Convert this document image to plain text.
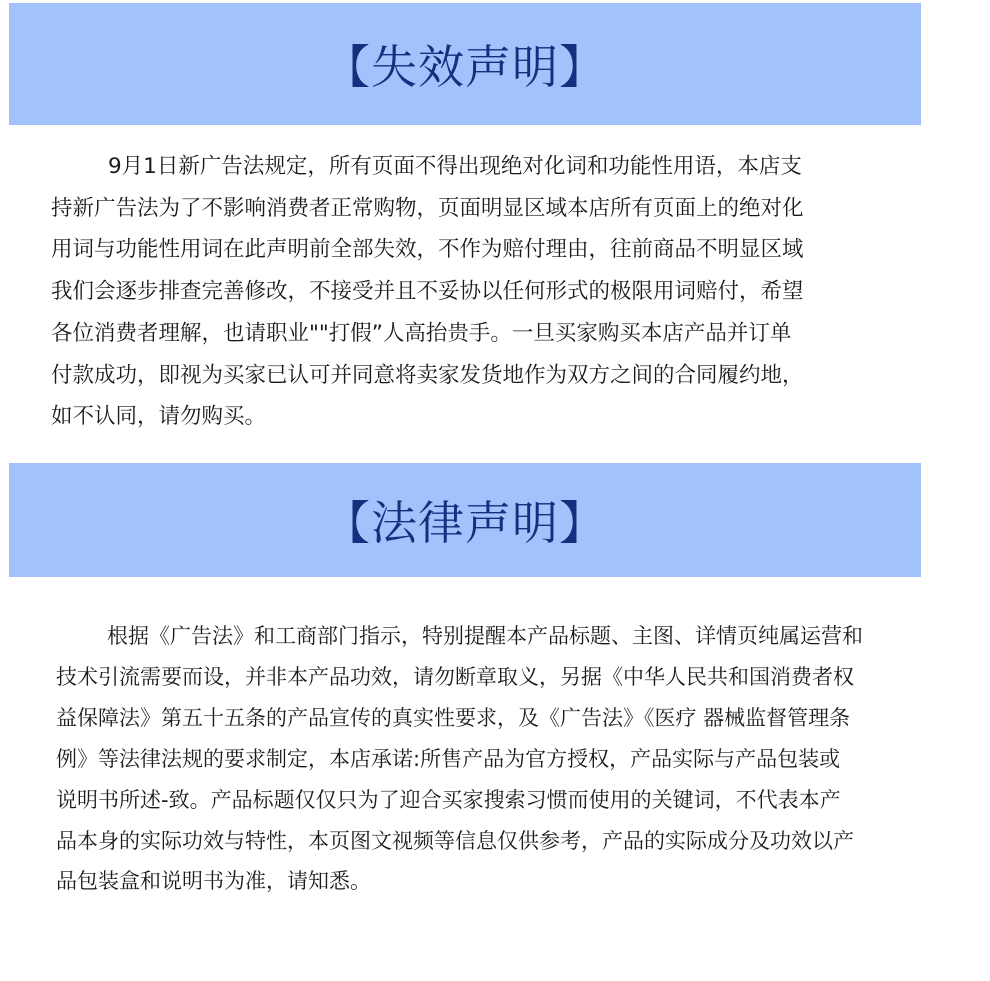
【失效声明】
9月1日新广告法规定，所有页面不得出现绝对化词和功能性用语，本店支
持新广告法为了不影响消费者正常购物，页面明显区域本店所有页面上的绝对化
用词与功能性用词在此声明前全部失效，不作为赔付理由，往前商品不明显区域
我们会逐步排查完善修改，不接受并且不妥协以任何形式的极限用词赔付，希望
各位消费者理解，也请职业""打假”人高抬贵手。一旦买家购买本店产品并订单
付款成功，即视为买家已认可并同意将卖家发货地作为双方之间的合同履约地，
如不认同，请勿购买。
【法律声明】
根据《广告法》和工商部门指示，特别提醒本产品标题、主图、详情页纯属运营和
技术引流需要而设，并非本产品功效，请勿断章取义，另据《中华人民共和国消费者权
益保障法》第五十五条的产品宣传的真实性要求，及《广告法》《医疗 器械监督管理条
例》等法律法规的要求制定，本店承诺:所售产品为官方授权，产品实际与产品包装或
说明书所述-致。产品标题仅仅只为了迎合买家搜索习惯而使用的关键词，不代表本产
品本身的实际功效与特性，本页图文视频等信息仅供参考，产品的实际成分及功效以产
品包装盒和说明书为准，请知悉。
